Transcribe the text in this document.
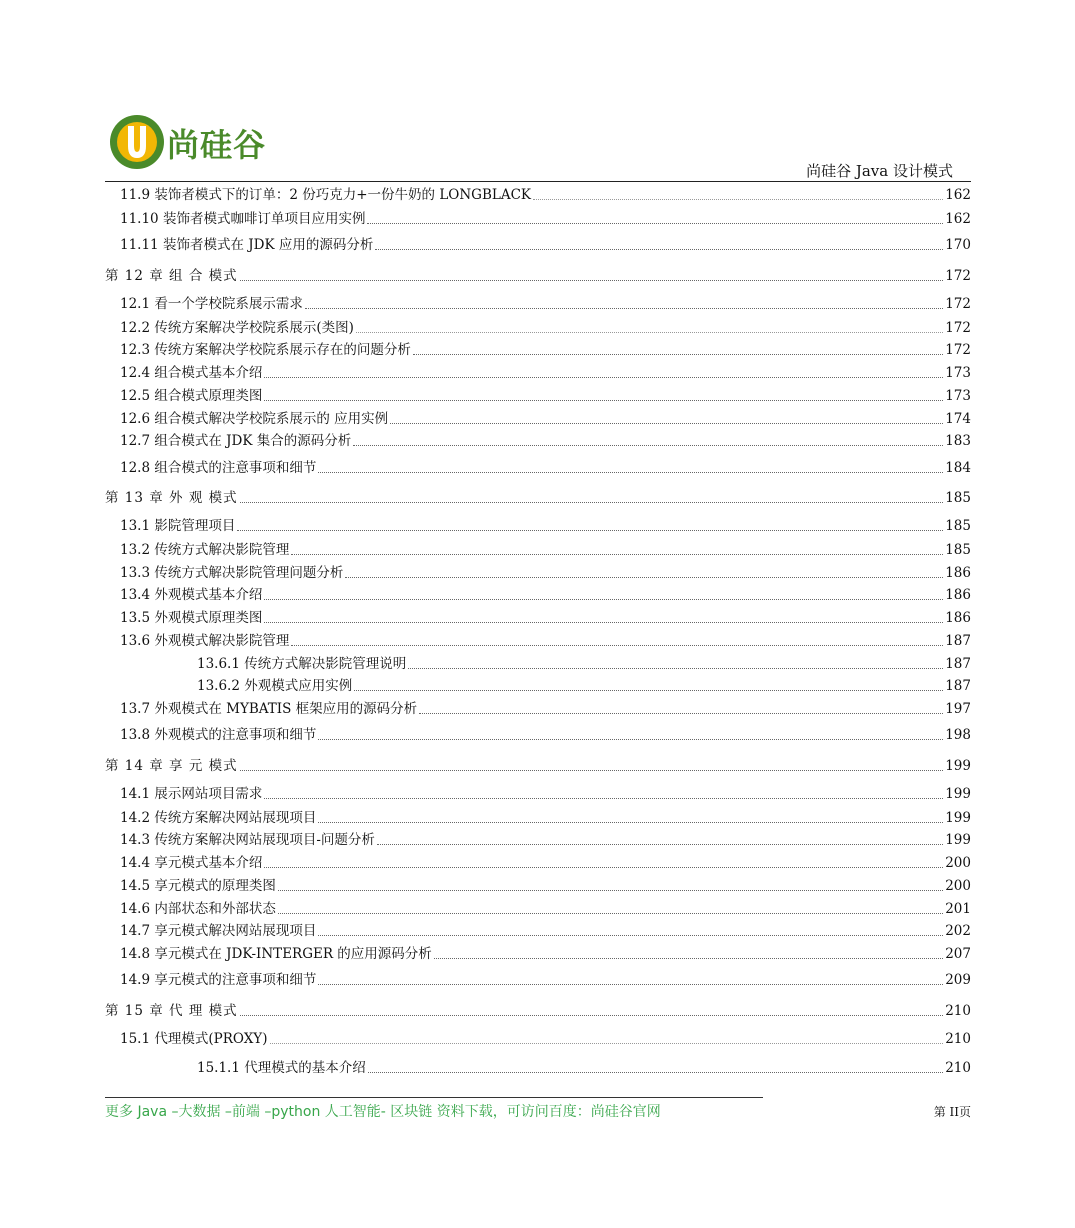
尚硅谷
尚硅谷 Java 设计模式
11.9 装饰者模式下的订单：2 份巧克力+一份牛奶的 LONGBLACK	162
11.10 装饰者模式咖啡订单项目应用实例	162
11.11 装饰者模式在 JDK 应用的源码分析	170
第 12 章 组 合 模式	172
12.1 看一个学校院系展示需求	172
12.2 传统方案解决学校院系展示(类图)	172
12.3 传统方案解决学校院系展示存在的问题分析	172
12.4 组合模式基本介绍	173
12.5 组合模式原理类图	173
12.6 组合模式解决学校院系展示的 应用实例	174
12.7 组合模式在 JDK 集合的源码分析	183
12.8 组合模式的注意事项和细节	184
第 13 章 外 观 模式	185
13.1 影院管理项目	185
13.2 传统方式解决影院管理	185
13.3 传统方式解决影院管理问题分析	186
13.4 外观模式基本介绍	186
13.5 外观模式原理类图	186
13.6 外观模式解决影院管理	187
13.6.1 传统方式解决影院管理说明	187
13.6.2 外观模式应用实例	187
13.7 外观模式在 MYBATIS 框架应用的源码分析	197
13.8 外观模式的注意事项和细节	198
第 14 章 享 元 模式	199
14.1 展示网站项目需求	199
14.2 传统方案解决网站展现项目	199
14.3 传统方案解决网站展现项目-问题分析	199
14.4 享元模式基本介绍	200
14.5 享元模式的原理类图	200
14.6 内部状态和外部状态	201
14.7 享元模式解决网站展现项目	202
14.8 享元模式在 JDK-INTERGER 的应用源码分析	207
14.9 享元模式的注意事项和细节	209
第 15 章 代 理 模式	210
15.1 代理模式(PROXY)	210
15.1.1 代理模式的基本介绍	210
更多 Java –大数据 –前端 –python 人工智能- 区块链 资料下载，可访问百度：尚硅谷官网	第 II页
